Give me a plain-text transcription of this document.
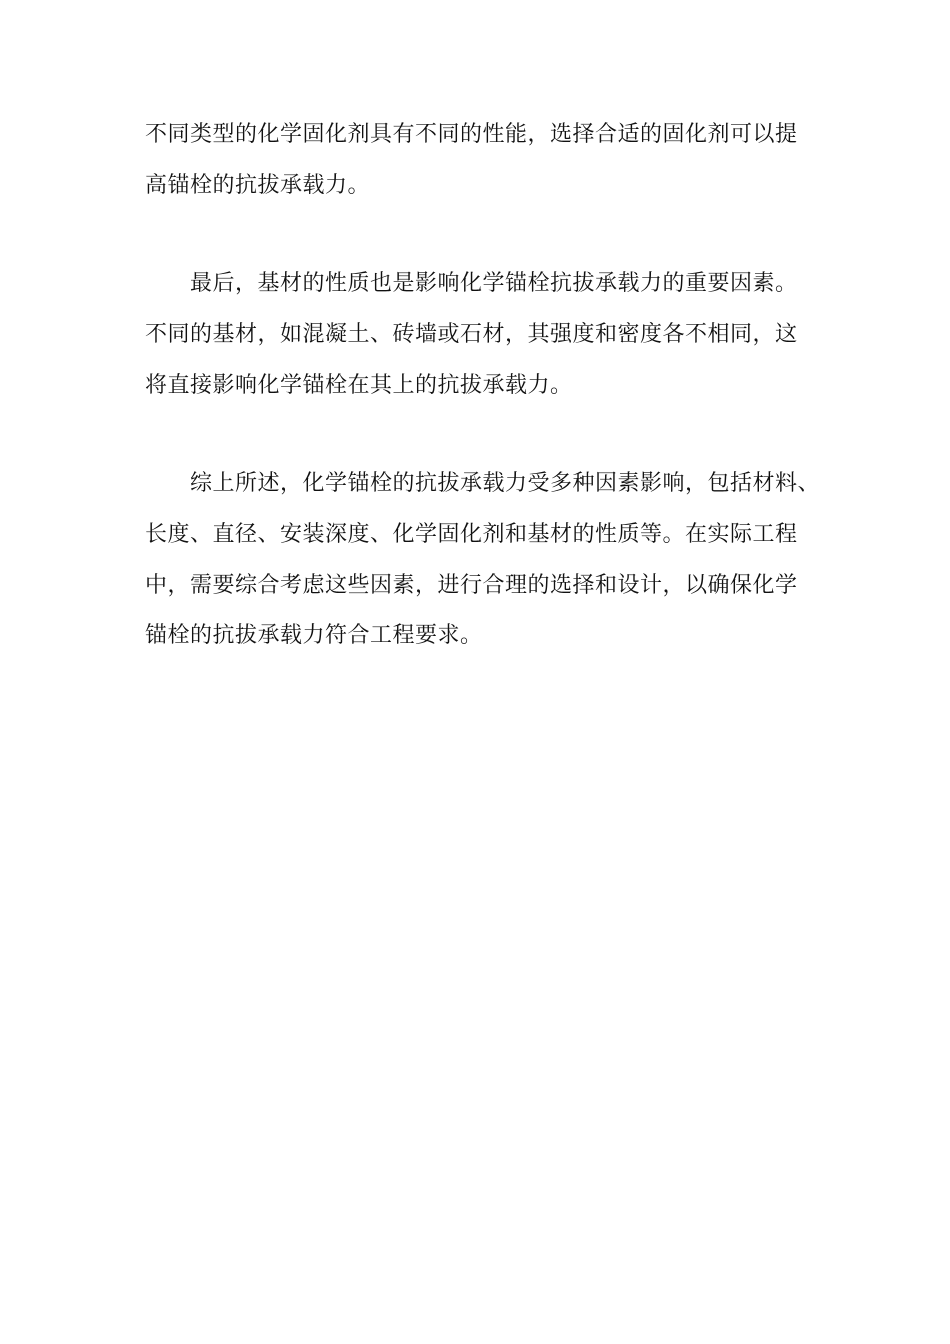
不同类型的化学固化剂具有不同的性能，选择合适的固化剂可以提
高锚栓的抗拔承载力。
最后，基材的性质也是影响化学锚栓抗拔承载力的重要因素。
不同的基材，如混凝土、砖墙或石材，其强度和密度各不相同，这
将直接影响化学锚栓在其上的抗拔承载力。
综上所述，化学锚栓的抗拔承载力受多种因素影响，包括材料、
长度、直径、安装深度、化学固化剂和基材的性质等。在实际工程
中，需要综合考虑这些因素，进行合理的选择和设计，以确保化学
锚栓的抗拔承载力符合工程要求。
